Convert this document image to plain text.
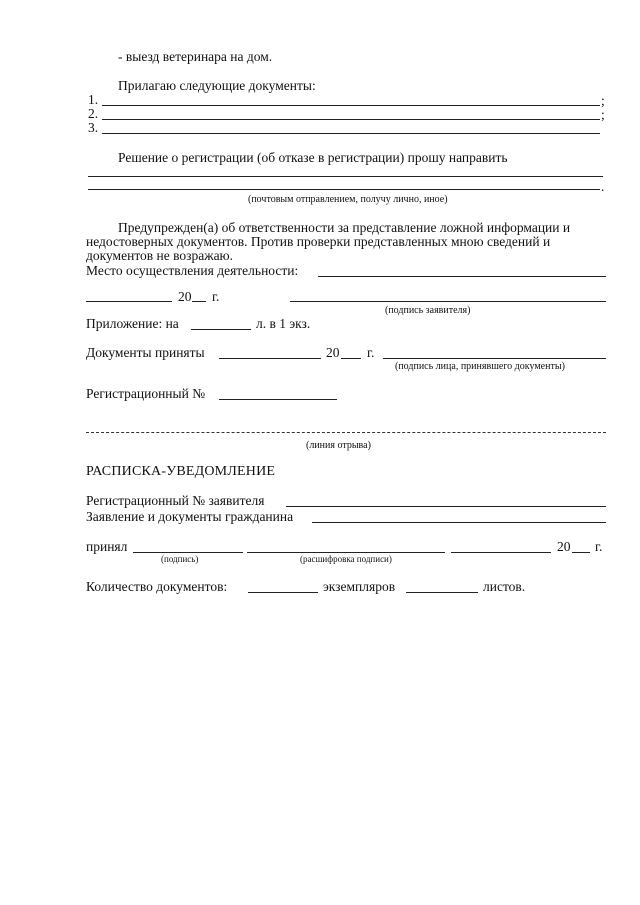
- выезд ветеринара на дом.
Прилагаю следующие документы:
1.	;
2.	;
3.
Решение о регистрации (об отказе в регистрации) прошу направить
.
(почтовым отправлением, получу лично, иное)
Предупрежден(а) об ответственности за представление ложной информации и
недостоверных документов. Против проверки представленных мною сведений и
документов не возражаю.
Место осуществления деятельности:
20 г.
(подпись заявителя)
Приложение: на	л. в 1 экз.
Документы приняты	20 г.
(подпись лица, принявшего документы)
Регистрационный №
(линия отрыва)
РАСПИСКА-УВЕДОМЛЕНИЕ
Регистрационный № заявителя
Заявление и документы гражданина
принял	20 г.
(подпись)	(расшифровка подписи)
Количество документов:	экземпляров	листов.
